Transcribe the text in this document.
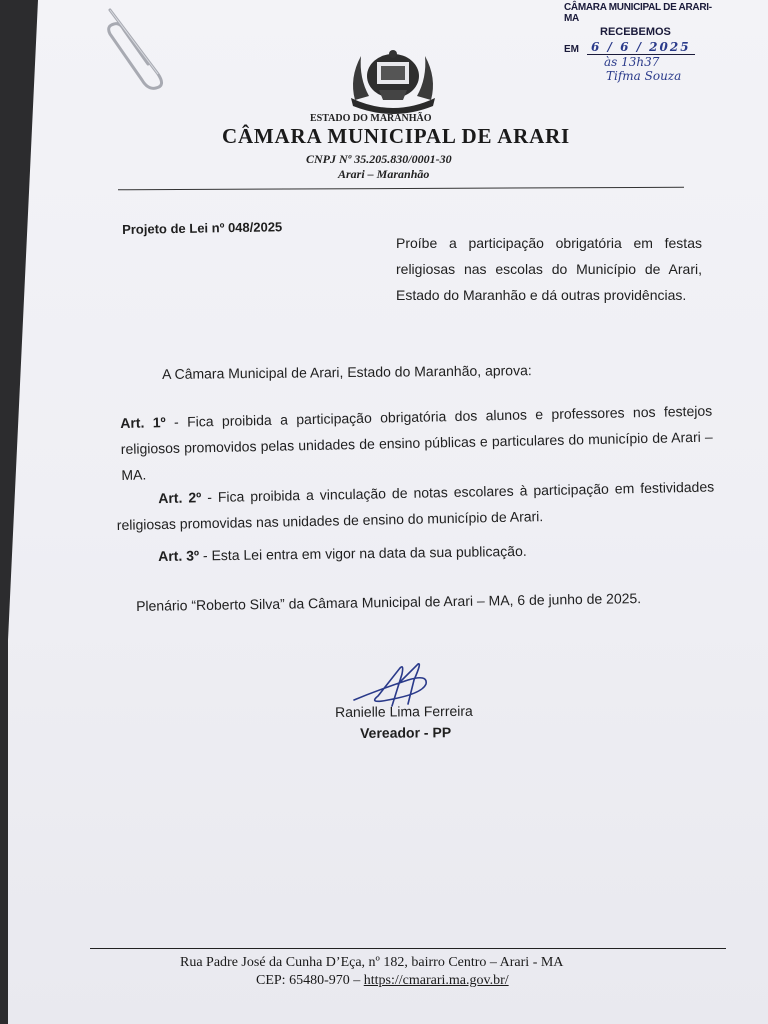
CÂMARA MUNICIPAL DE ARARI-MA
RECEBEMOS
EM	6 / 6 / 2025
às 13h37
Tifma Souza
ESTADO DO MARANHÃO
CÂMARA MUNICIPAL DE ARARI
CNPJ Nº 35.205.830/0001-30
Arari – Maranhão
Projeto de Lei nº 048/2025
Proíbe a participação obrigatória em festas religiosas nas escolas do Município de Arari, Estado do Maranhão e dá outras providências.
A Câmara Municipal de Arari, Estado do Maranhão, aprova:
Art. 1º - Fica proibida a participação obrigatória dos alunos e professores nos festejos religiosos promovidos pelas unidades de ensino públicas e particulares do município de Arari – MA.
Art. 2º - Fica proibida a vinculação de notas escolares à participação em festividades religiosas promovidas nas unidades de ensino do município de Arari.
Art. 3º - Esta Lei entra em vigor na data da sua publicação.
Plenário “Roberto Silva” da Câmara Municipal de Arari – MA, 6 de junho de 2025.
Ranielle Lima Ferreira
Vereador - PP
Rua Padre José da Cunha D’Eça, nº 182, bairro Centro – Arari - MA
CEP: 65480-970 – https://cmarari.ma.gov.br/
